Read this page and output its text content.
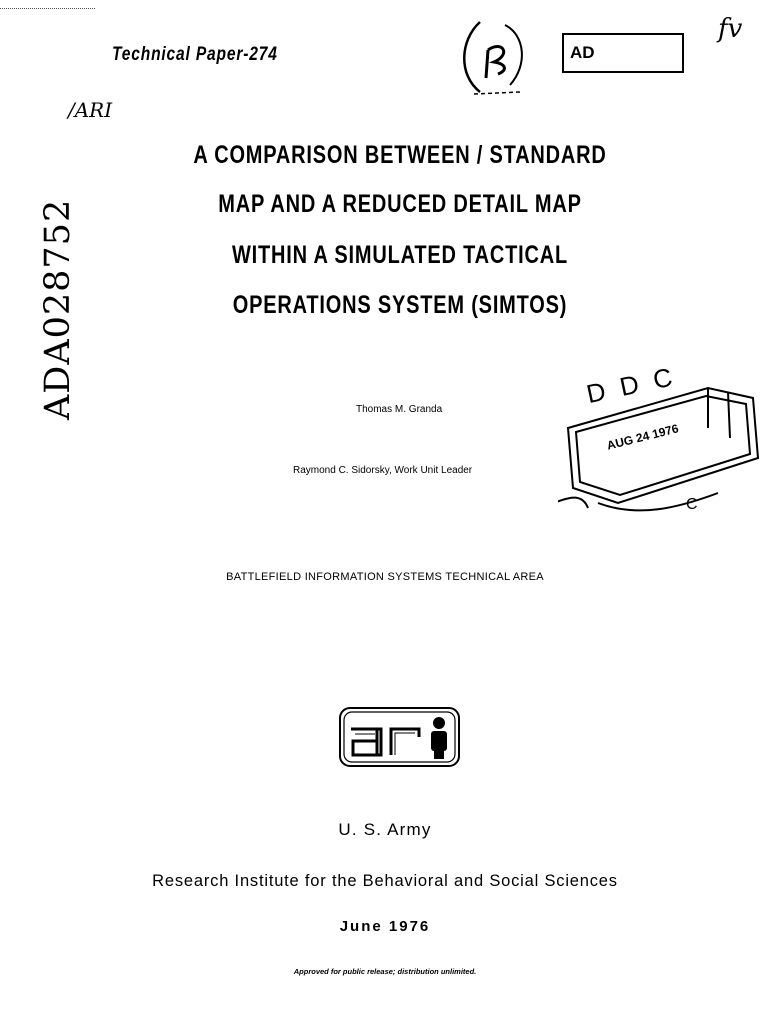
Technical Paper-274	AD
fv
/ARI
A COMPARISON BETWEEN / STANDARD
MAP AND A REDUCED DETAIL MAP
WITHIN A SIMULATED TACTICAL
OPERATIONS SYSTEM (SIMTOS)
ADA028752	Thomas M. Granda
Raymond C. Sidorsky, Work Unit Leader
D D C
AUG 24 1976
C
BATTLEFIELD INFORMATION SYSTEMS TECHNICAL AREA
U. S. Army
Research Institute for the Behavioral and Social Sciences
June 1976
Approved for public release; distribution unlimited.
